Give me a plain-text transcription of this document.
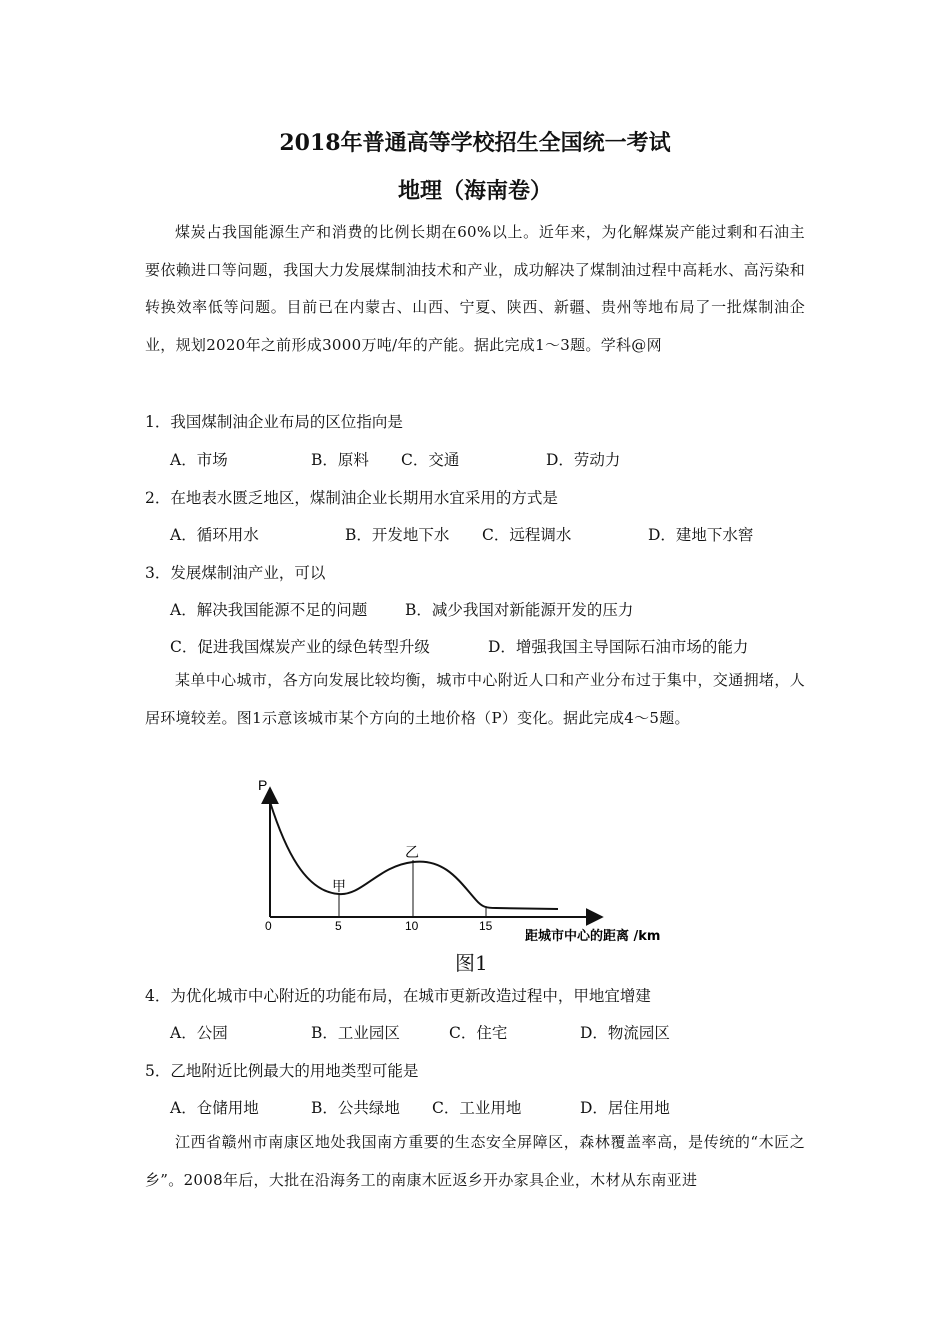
2018年普通高等学校招生全国统一考试
地理（海南卷）
煤炭占我国能源生产和消费的比例长期在60%以上。近年来，为化解煤炭产能过剩和石油主要依赖进口等问题，我国大力发展煤制油技术和产业，成功解决了煤制油过程中高耗水、高污染和转换效率低等问题。目前已在内蒙古、山西、宁夏、陕西、新疆、贵州等地布局了一批煤制油企业，规划2020年之前形成3000万吨/年的产能。据此完成1～3题。学科@网
1．我国煤制油企业布局的区位指向是
A．市场	B．原料 C．交通	D．劳动力
2．在地表水匮乏地区，煤制油企业长期用水宜采用的方式是
A．循环用水	B．开发地下水 C．远程调水	D．建地下水窖
3．发展煤制油产业，可以
A．解决我国能源不足的问题 B．减少我国对新能源开发的压力
C．促进我国煤炭产业的绿色转型升级	D．增强我国主导国际石油市场的能力
某单中心城市，各方向发展比较均衡，城市中心附近人口和产业分布过于集中，交通拥堵，人居环境较差。图1示意该城市某个方向的土地价格（P）变化。据此完成4～5题。
P
甲
乙
0	5	10	15
距城市中心的距离 /km
图1
4．为优化城市中心附近的功能布局，在城市更新改造过程中，甲地宜增建
A．公园	B．工业园区	C．住宅	D．物流园区
5．乙地附近比例最大的用地类型可能是
A．仓储用地	B．公共绿地 C．工业用地	D．居住用地
江西省赣州市南康区地处我国南方重要的生态安全屏障区，森林覆盖率高，是传统的“木匠之乡”。2008年后，大批在沿海务工的南康木匠返乡开办家具企业，木材从东南亚进
